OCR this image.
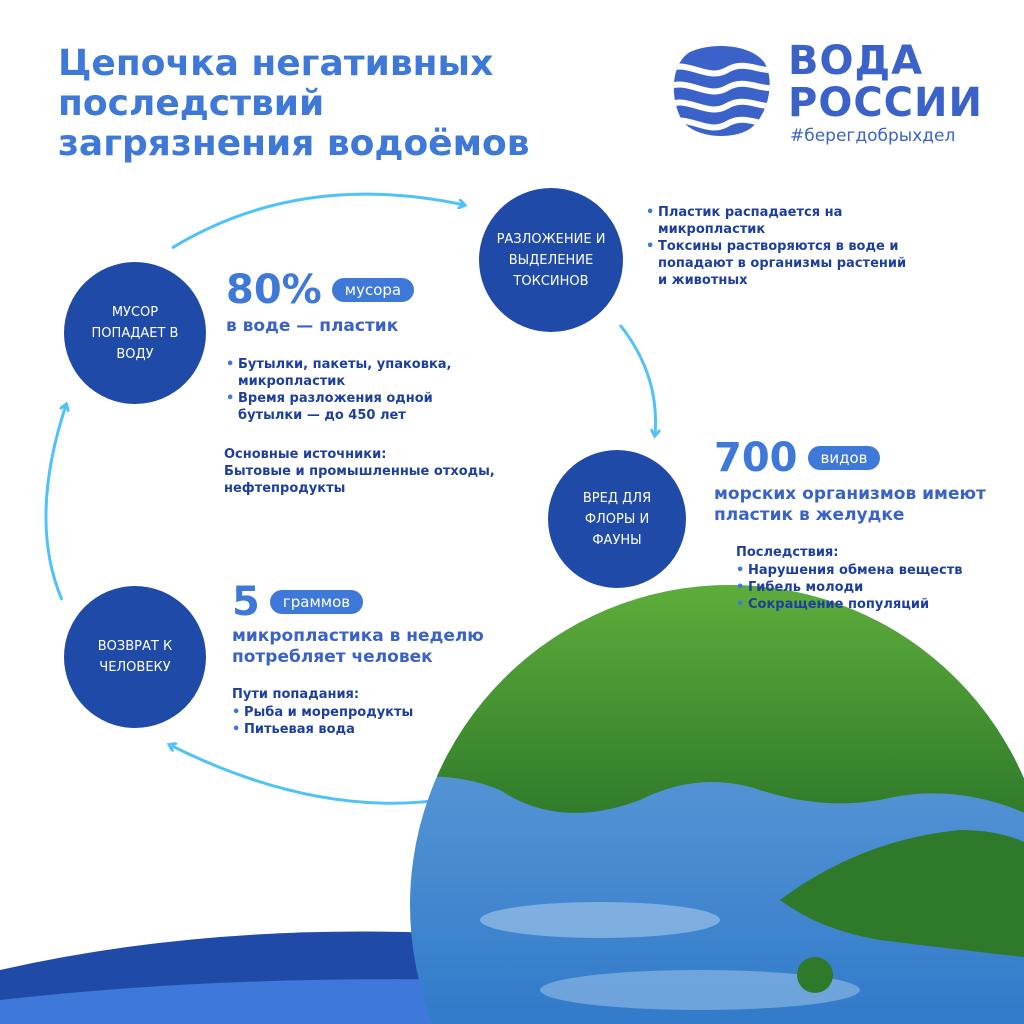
Цепочка негативных
последствий
загрязнения водоёмов
ВОДА
РОССИИ
#берегдобрыхдел
МУСОР ПОПАДАЕТ В ВОДУ
РАЗЛОЖЕНИЕ И ВЫДЕЛЕНИЕ ТОКСИНОВ
ВРЕД ДЛЯ ФЛОРЫ И ФАУНЫ
ВОЗВРАТ К ЧЕЛОВЕКУ
80%	мусора
в воде — пластик
• Бутылки, пакеты, упаковка,
микропластик
• Время разложения одной
бутылки — до 450 лет
Основные источники:
Бытовые и промышленные отходы,
нефтепродукты
• Пластик распадается на
микропластик
• Токсины растворяются в воде и
попадают в организмы растений
и животных
700	видов
морских организмов имеют
пластик в желудке
Последствия:
• Нарушения обмена веществ
• Гибель молоди
• Сокращение популяций
5	граммов
микропластика в неделю
потребляет человек
Пути попадания:
• Рыба и морепродукты
• Питьевая вода
